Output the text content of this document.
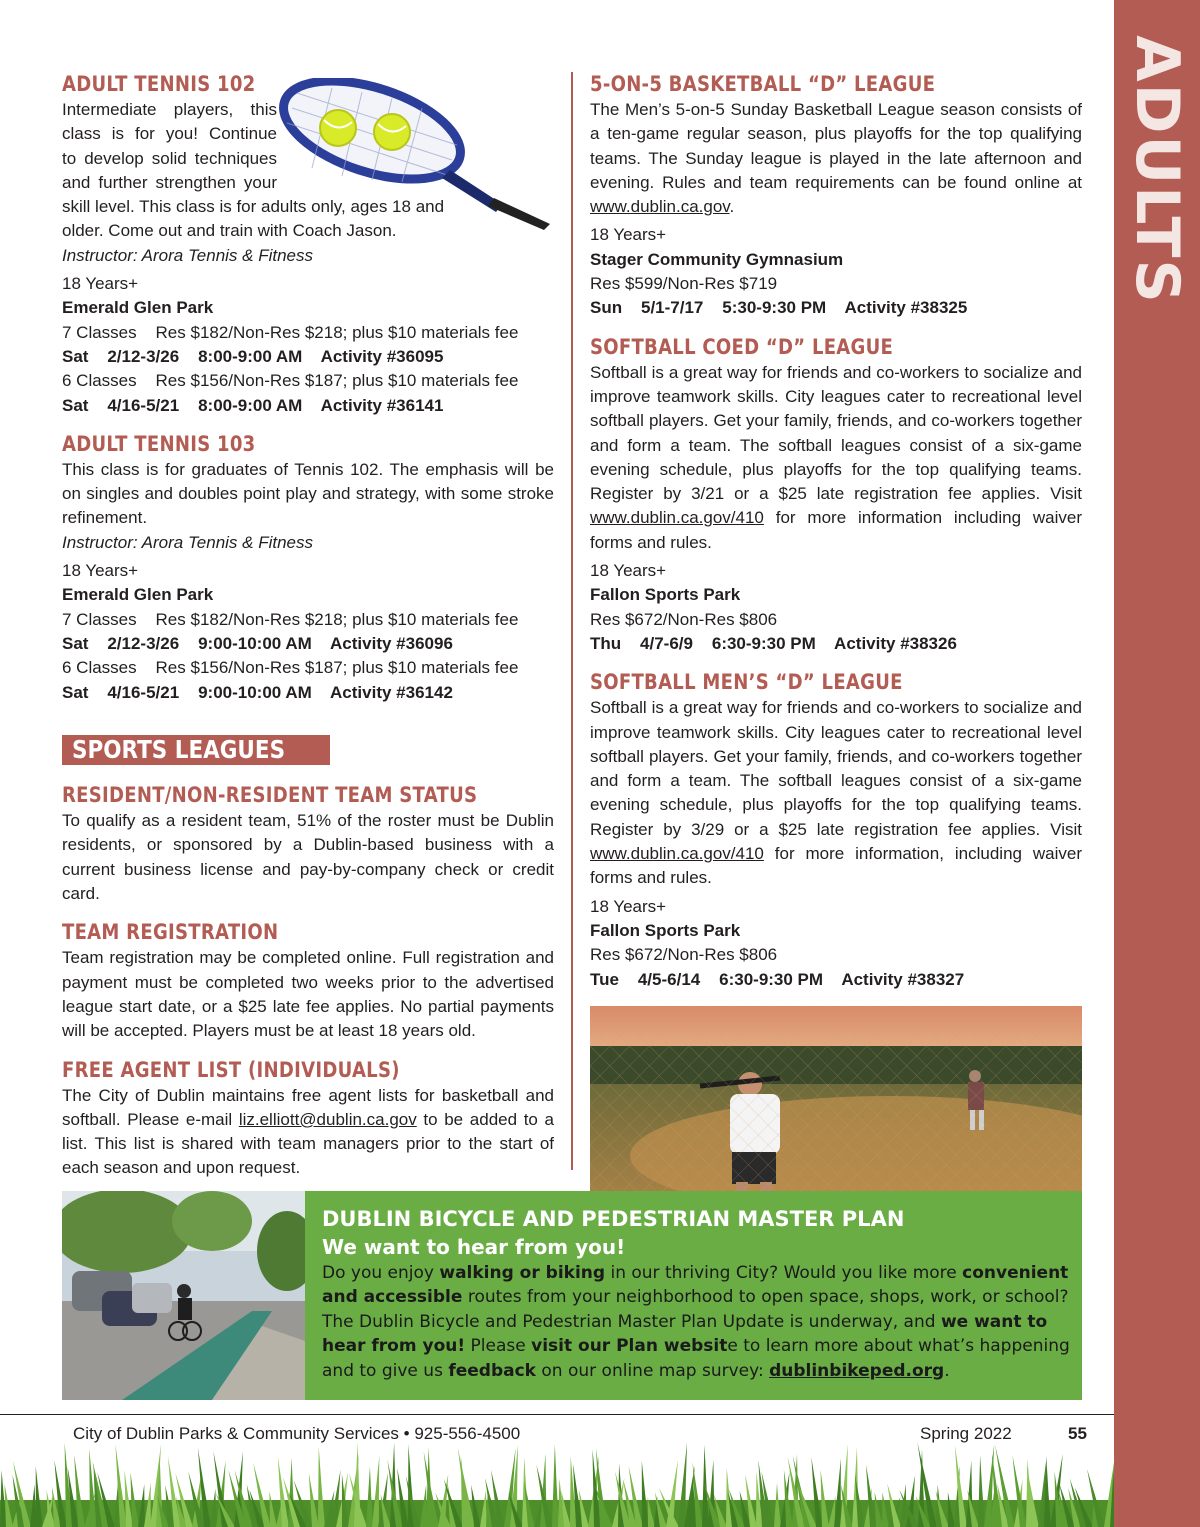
ADULTS
ADULT TENNIS 102
Intermediate players, this
class is for you! Continue
to develop solid techniques
and further strengthen your

skill level. This class is for adults only, ages 18 and older. Come out and train with Coach Jason.

Instructor: Arora Tennis & Fitness

18 Years+
Emerald Glen Park
7 Classes    Res $182/Non-Res $218; plus $10 materials fee
Sat    2/12-3/26    8:00-9:00 AM    Activity #36095
6 Classes    Res $156/Non-Res $187; plus $10 materials fee
Sat    4/16-5/21    8:00-9:00 AM    Activity #36141
ADULT TENNIS 103

This class is for graduates of Tennis 102. The emphasis will be on singles and doubles point play and strategy, with some stroke refinement.

Instructor: Arora Tennis & Fitness

18 Years+
Emerald Glen Park
7 Classes    Res $182/Non-Res $218; plus $10 materials fee
Sat    2/12-3/26    9:00-10:00 AM    Activity #36096
6 Classes    Res $156/Non-Res $187; plus $10 materials fee
Sat    4/16-5/21    9:00-10:00 AM    Activity #36142
SPORTS LEAGUES
RESIDENT/NON-RESIDENT TEAM STATUS

To qualify as a resident team, 51% of the roster must be Dublin residents, or sponsored by a Dublin-based business with a current business license and pay-by-company check or credit card.

TEAM REGISTRATION

Team registration may be completed online. Full registration and payment must be completed two weeks prior to the advertised league start date, or a $25 late fee applies. No partial payments will be accepted. Players must be at least 18 years old.

FREE AGENT LIST (INDIVIDUALS)

The City of Dublin maintains free agent lists for basketball and softball. Please e-mail liz.elliott@dublin.ca.gov to be added to a list. This list is shared with team managers prior to the start of each season and upon request.

5-ON-5 BASKETBALL “D” LEAGUE

The Men’s 5-on-5 Sunday Basketball League season consists of a ten-game regular season, plus playoffs for the top qualifying teams. The Sunday league is played in the late afternoon and evening. Rules and team requirements can be found online at www.dublin.ca.gov.

18 Years+
Stager Community Gymnasium
Res $599/Non-Res $719
Sun    5/1-7/17    5:30-9:30 PM    Activity #38325
SOFTBALL COED “D” LEAGUE

Softball is a great way for friends and co-workers to socialize and improve teamwork skills. City leagues cater to recreational level softball players. Get your family, friends, and co-workers together and form a team. The softball leagues consist of a six-game evening schedule, plus playoffs for the top qualifying teams. Register by 3/21 or a $25 late registration fee applies. Visit www.dublin.ca.gov/410 for more information including waiver forms and rules.

18 Years+
Fallon Sports Park
Res $672/Non-Res $806
Thu    4/7-6/9    6:30-9:30 PM    Activity #38326
SOFTBALL MEN’S “D” LEAGUE

Softball is a great way for friends and co-workers to socialize and improve teamwork skills. City leagues cater to recreational level softball players. Get your family, friends, and co-workers together and form a team. The softball leagues consist of a six-game evening schedule, plus playoffs for the top qualifying teams. Register by 3/29 or a $25 late registration fee applies. Visit www.dublin.ca.gov/410 for more information, including waiver forms and rules.

18 Years+
Fallon Sports Park
Res $672/Non-Res $806
Tue    4/5-6/14    6:30-9:30 PM    Activity #38327
DUBLIN BICYCLE AND PEDESTRIAN MASTER PLAN
We want to hear from you!

Do you enjoy walking or biking in our thriving City? Would you like more convenient and accessible routes from your neighborhood to open space, shops, work, or school? The Dublin Bicycle and Pedestrian Master Plan Update is underway, and we want to hear from you! Please visit our Plan website to learn more about what’s happening and to give us feedback on our online map survey: dublinbikeped.org.

City of Dublin Parks & Community Services • 925-556-4500	Spring 2022	55
